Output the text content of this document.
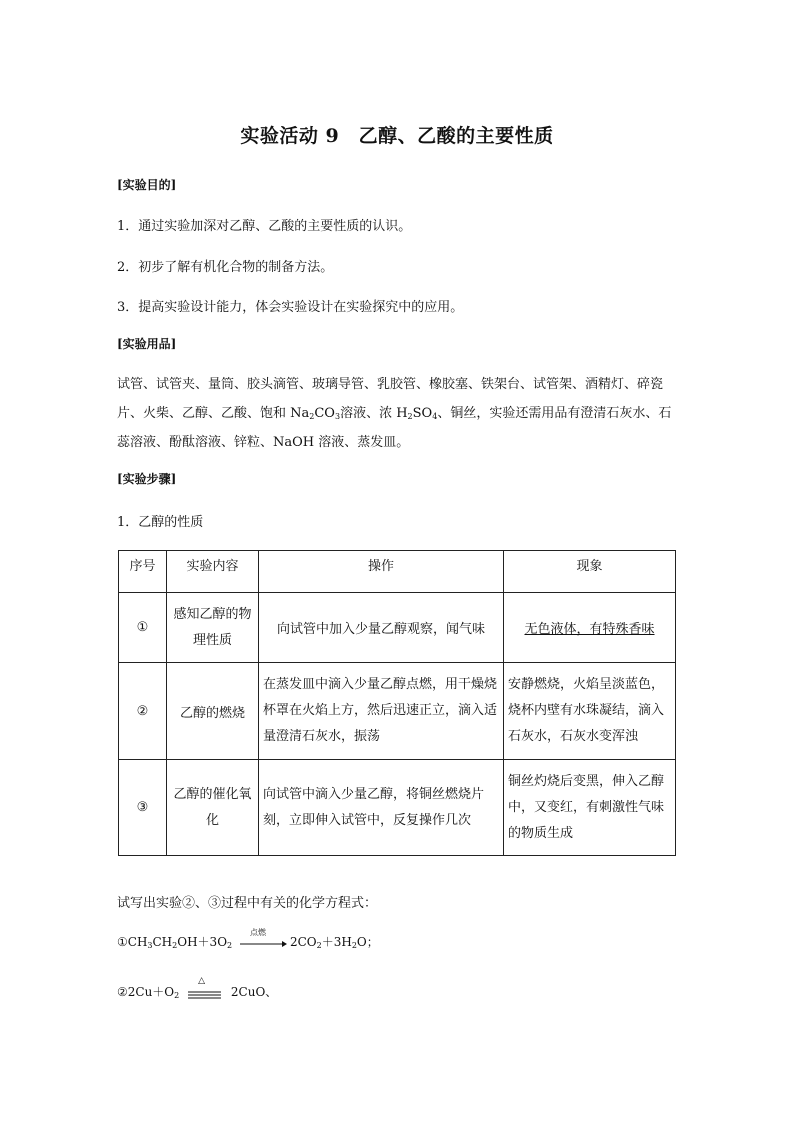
实验活动 9　乙醇、乙酸的主要性质
[实验目的]
1．通过实验加深对乙醇、乙酸的主要性质的认识。
2．初步了解有机化合物的制备方法。
3．提高实验设计能力，体会实验设计在实验探究中的应用。
[实验用品]
试管、试管夹、量筒、胶头滴管、玻璃导管、乳胶管、橡胶塞、铁架台、试管架、酒精灯、碎瓷片、火柴、乙醇、乙酸、饱和 $Na_2CO_3$溶液、浓 $H_2SO_4$、铜丝，实验还需用品有澄清石灰水、石蕊溶液、酚酞溶液、锌粒、NaOH 溶液、蒸发皿。
[实验步骤]
1．乙醇的性质
序号	实验内容	操作	现象
①	感知乙醇的物理性质	向试管中加入少量乙醇观察，闻气味	无色液体，有特殊香味
②	乙醇的燃烧	在蒸发皿中滴入少量乙醇点燃，用干燥烧杯罩在火焰上方，然后迅速正立，滴入适量澄清石灰水，振荡	安静燃烧，火焰呈淡蓝色，烧杯内壁有水珠凝结，滴入石灰水，石灰水变浑浊
③	乙醇的催化氧化	向试管中滴入少量乙醇，将铜丝燃烧片刻，立即伸入试管中，反复操作几次	铜丝灼烧后变黑，伸入乙醇中，又变红，有刺激性气味的物质生成
试写出实验②、③过程中有关的化学方程式：
$①CH_3CH_2OH+3O_2$
点燃
$2CO_2+3H_2O$；
$②2Cu+O_2$
△
2CuO、
